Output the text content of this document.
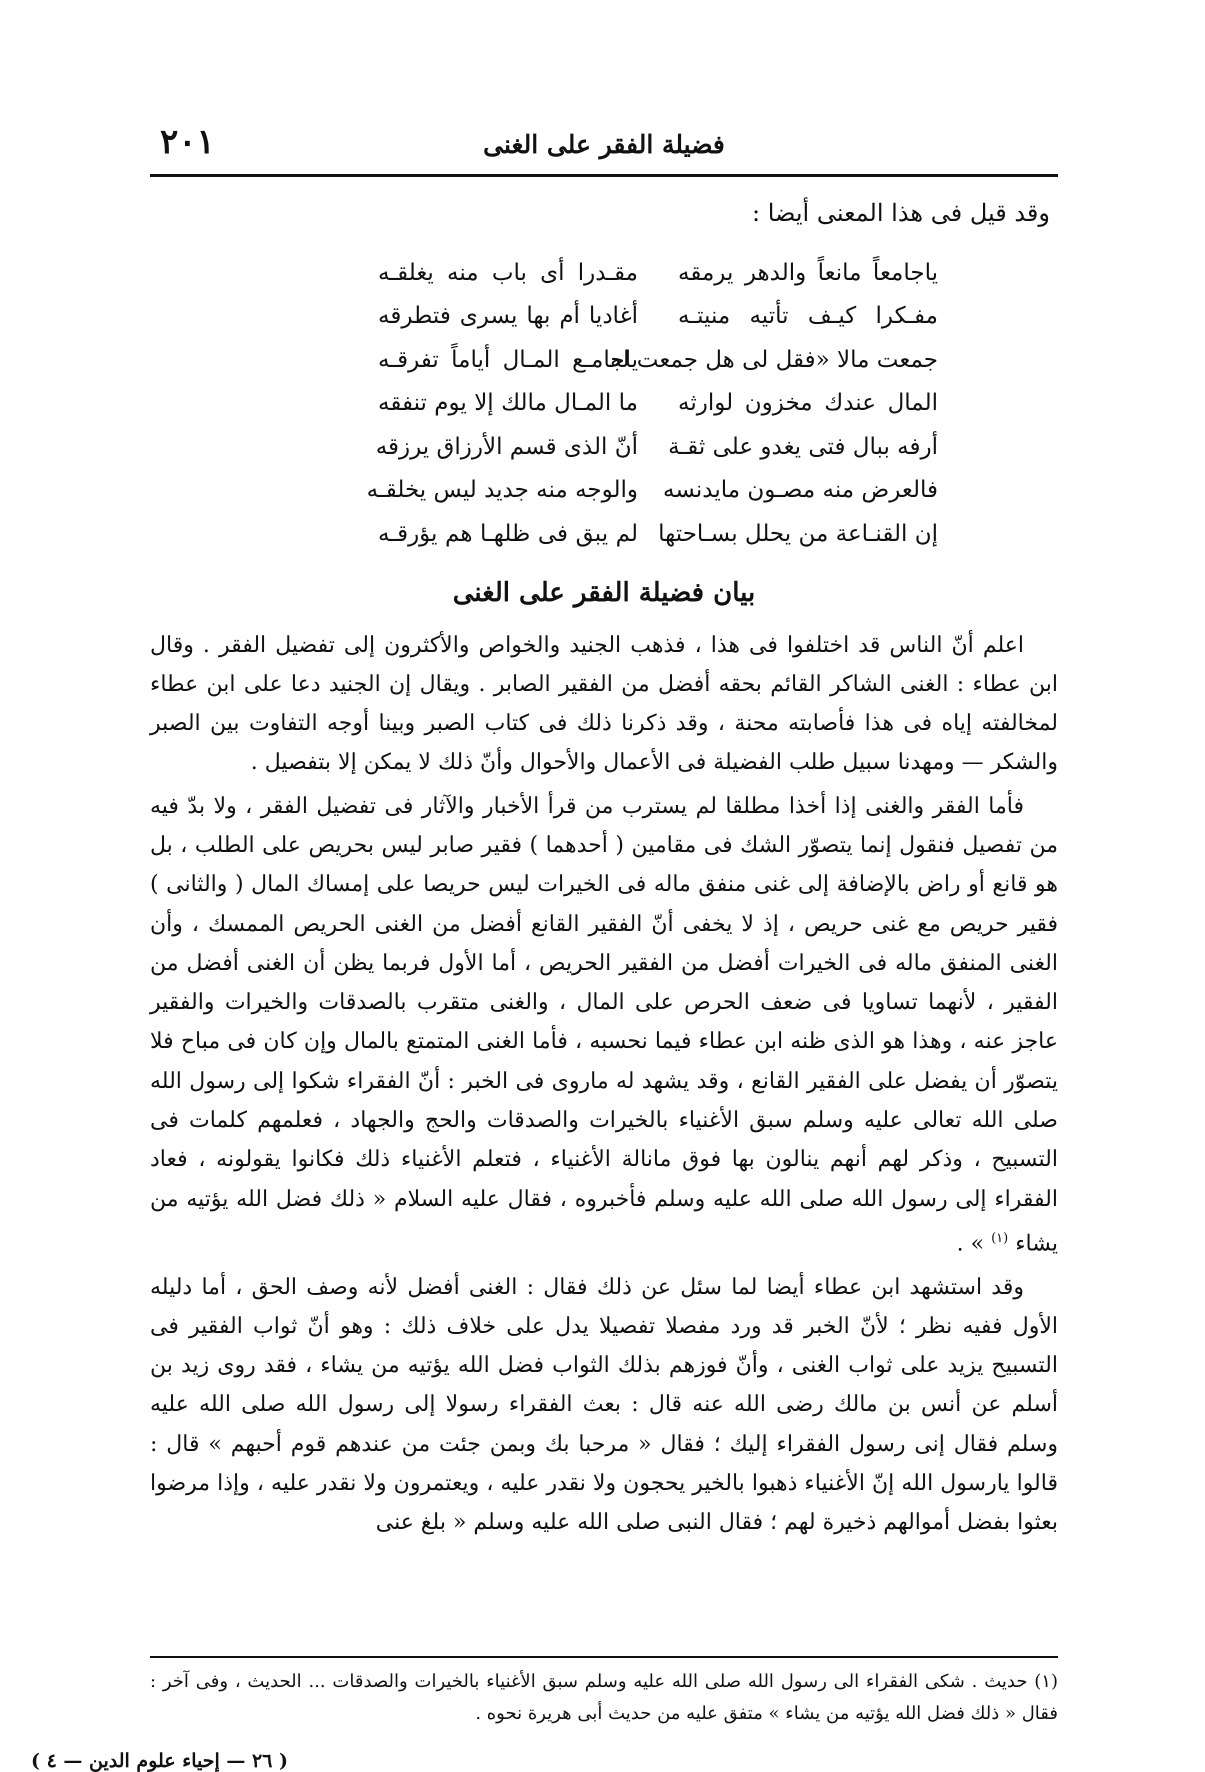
فضيلة الفقر على الغنى
٢٠١
وقد قيل فى هذا المعنى أيضا :
ياجامعاً مانعاً والدهر يرمقه
مقـدرا أى باب منه يغلقـه
مفـكرا كيـف تأتيه منيتـه
أغاديا أم بها يسرى فتطرقه
جمعت مالا «فقل لى هل جمعت له
ياجامـع المـال أياماً تفرقـه
المال عندك مخزون لوارثه
ما المـال مالك إلا يوم تنفقه
أرفه ببال فتى يغدو على ثقـة
أنّ الذى قسم الأرزاق يرزقه
فالعرض منه مصـون مايدنسه
والوجه منه جديد ليس يخلقـه
إن القنـاعة من يحلل بسـاحتها
لم يبق فى ظلهـا هم يؤرقـه
بيان فضيلة الفقر على الغنى

اعلم أنّ الناس قد اختلفوا فى هذا ، فذهب الجنيد والخواص والأكثرون إلى تفضيل الفقر . وقال ابن عطاء : الغنى الشاكر القائم بحقه أفضل من الفقير الصابر . ويقال إن الجنيد دعا على ابن عطاء لمخالفته إياه فى هذا فأصابته محنة ، وقد ذكرنا ذلك فى كتاب الصبر وبينا أوجه التفاوت بين الصبر والشكر — ومهدنا سبيل طلب الفضيلة فى الأعمال والأحوال وأنّ ذلك لا يمكن إلا بتفصيل .

فأما الفقر والغنى إذا أخذا مطلقا لم يسترب من قرأ الأخبار والآثار فى تفضيل الفقر ، ولا بدّ فيه من تفصيل فنقول إنما يتصوّر الشك فى مقامين ( أحدهما ) فقير صابر ليس بحريص على الطلب ، بل هو قانع أو راض بالإضافة إلى غنى منفق ماله فى الخيرات ليس حريصا على إمساك المال ( والثانى ) فقير حريص مع غنى حريص ، إذ لا يخفى أنّ الفقير القانع أفضل من الغنى الحريص الممسك ، وأن الغنى المنفق ماله فى الخيرات أفضل من الفقير الحريص ، أما الأول فربما يظن أن الغنى أفضل من الفقير ، لأنهما تساويا فى ضعف الحرص على المال ، والغنى متقرب بالصدقات والخيرات والفقير عاجز عنه ، وهذا هو الذى ظنه ابن عطاء فيما نحسبه ، فأما الغنى المتمتع بالمال وإن كان فى مباح فلا يتصوّر أن يفضل على الفقير القانع ، وقد يشهد له ماروى فى الخبر : أنّ الفقراء شكوا إلى رسول الله صلى الله تعالى عليه وسلم سبق الأغنياء بالخيرات والصدقات والحج والجهاد ، فعلمهم كلمات فى التسبيح ، وذكر لهم أنهم ينالون بها فوق مانالة الأغنياء ، فتعلم الأغنياء ذلك فكانوا يقولونه ، فعاد الفقراء إلى رسول الله صلى الله عليه وسلم فأخبروه ، فقال عليه السلام « ذلك فضل الله يؤتيه من يشاء $^{(١)}$ » .

وقد استشهد ابن عطاء أيضا لما سئل عن ذلك فقال : الغنى أفضل لأنه وصف الحق ، أما دليله الأول ففيه نظر ؛ لأنّ الخبر قد ورد مفصلا تفصيلا يدل على خلاف ذلك : وهو أنّ ثواب الفقير فى التسبيح يزيد على ثواب الغنى ، وأنّ فوزهم بذلك الثواب فضل الله يؤتيه من يشاء ، فقد روى زيد بن أسلم عن أنس بن مالك رضى الله عنه قال : بعث الفقراء رسولا إلى رسول الله صلى الله عليه وسلم فقال إنى رسول الفقراء إليك ؛ فقال « مرحبا بك وبمن جئت من عندهم قوم أحبهم » قال : قالوا يارسول الله إنّ الأغنياء ذهبوا بالخير يحجون ولا نقدر عليه ، ويعتمرون ولا نقدر عليه ، وإذا مرضوا بعثوا بفضل أموالهم ذخيرة لهم ؛ فقال النبى صلى الله عليه وسلم « بلغ عنى

(١) حديث . شكى الفقراء الى رسول الله صلى الله عليه وسلم سبق الأغنياء بالخيرات والصدقات ... الحديث ، وفى آخر : فقال « ذلك فضل الله يؤتيه من يشاء » متفق عليه من حديث أبى هريرة نحوه .

( ٢٦ — إحياء علوم الدين — ٤ )
